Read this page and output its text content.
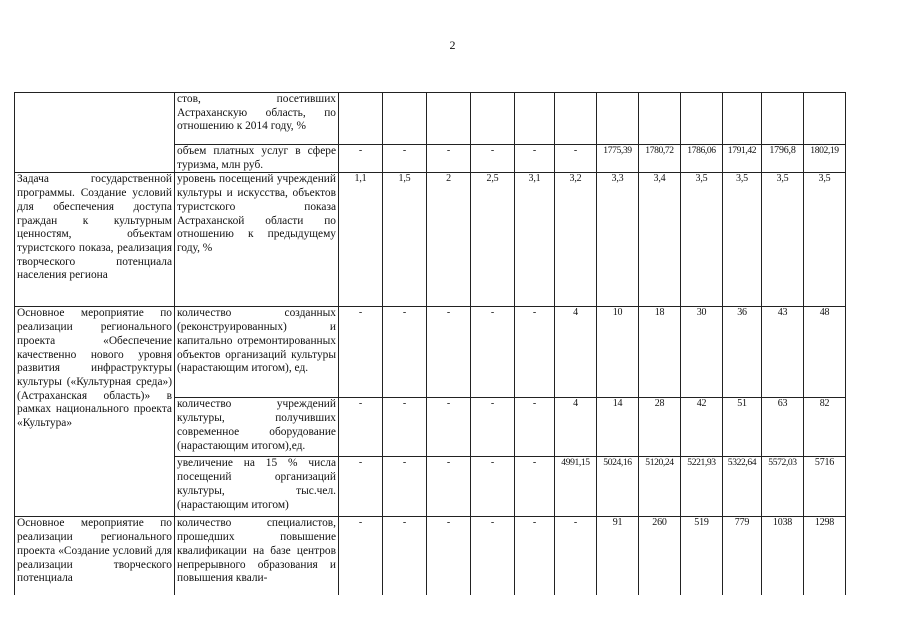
2
	стов, посетивших Астраханскую область, по отношению к 2014 году, %												
	объем платных услуг в сфере туризма, млн руб.	-	-	-	-	-	-	1775,39	1780,72	1786,06	1791,42	1796,8	1802,19
Задача государственной программы. Создание условий для обеспечения доступа граждан к культурным ценностям, объектам туристского показа, реализация творческого потенциала населения региона	уровень посещений учреждений культуры и искусства, объектов туристского показа Астраханской области по отношению к предыдущему году, %	1,1	1,5	2	2,5	3,1	3,2	3,3	3,4	3,5	3,5	3,5	3,5
Основное мероприятие по реализации регионального проекта «Обеспечение качественно нового уровня развития инфраструктуры культуры («Культурная среда») (Астраханская область)» в рамках национального проекта «Культура»	количество созданных (реконструированных) и капитально отремонтированных объектов организаций культуры (нарастающим итогом), ед.	-	-	-	-	-	4	10	18	30	36	43	48
	количество учреждений культуры, получивших современное оборудование (нарастающим итогом),ед.	-	-	-	-	-	4	14	28	42	51	63	82
	увеличение на 15 % числа посещений организаций культуры, тыс.чел. (нарастающим итогом)	-	-	-	-	-	4991,15	5024,16	5120,24	5221,93	5322,64	5572,03	5716
Основное мероприятие по реализации регионального проекта «Создание условий для реализации творческого потенциала	количество специалистов, прошедших повышение квалификации на базе центров непрерывного образования и повышения квали-	-	-	-	-	-	-	91	260	519	779	1038	1298
